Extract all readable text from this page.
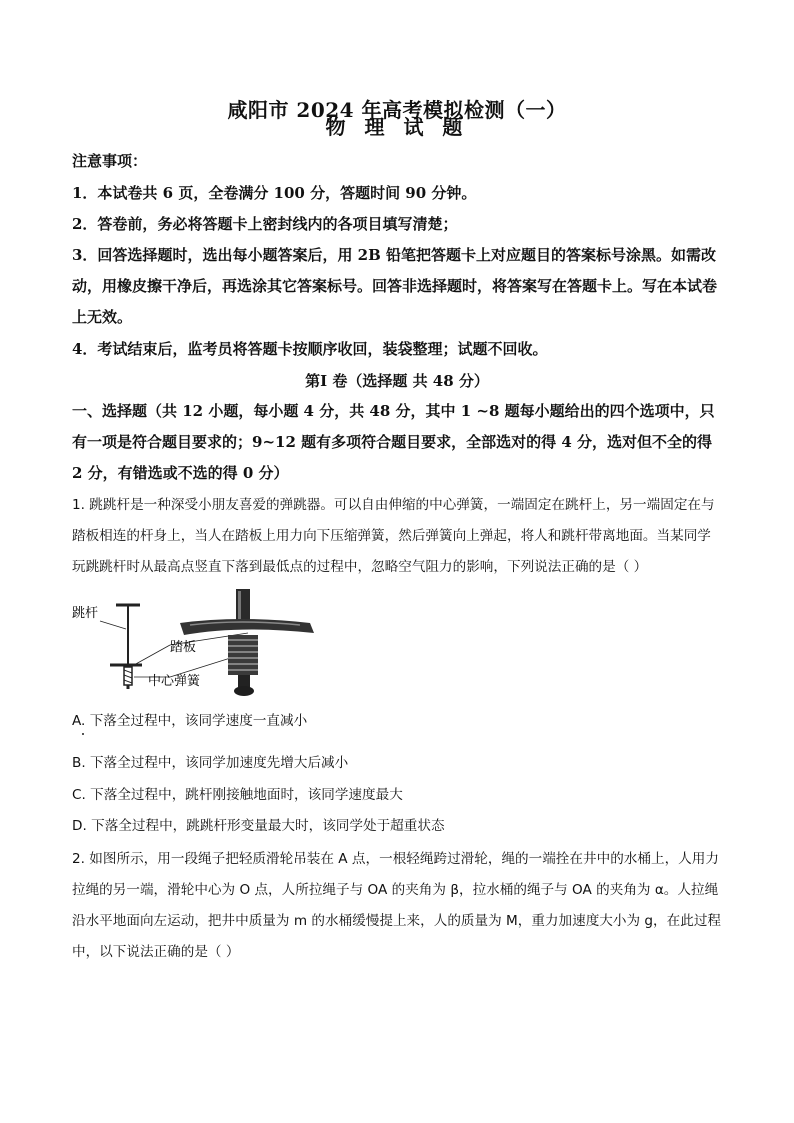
咸阳市 2024 年高考模拟检测（一）
物 理 试 题
注意事项：
1．本试卷共 6 页，全卷满分 100 分，答题时间 90 分钟。
2．答卷前，务必将答题卡上密封线内的各项目填写清楚；
3．回答选择题时，选出每小题答案后，用 2B 铅笔把答题卡上对应题目的答案标号涂黑。如需改动，用橡皮擦干净后，再选涂其它答案标号。回答非选择题时，将答案写在答题卡上。写在本试卷上无效。
4．考试结束后，监考员将答题卡按顺序收回，装袋整理；试题不回收。
第Ⅰ 卷（选择题 共 48 分）
一、选择题（共 12 小题，每小题 4 分，共 48 分，其中 1 ~8 题每小题给出的四个选项中，只有一项是符合题目要求的；9~12 题有多项符合题目要求，全部选对的得 4 分，选对但不全的得 2 分，有错选或不选的得 0 分）
1. 跳跳杆是一种深受小朋友喜爱的弹跳器。可以自由伸缩的中心弹簧，一端固定在跳杆上，另一端固定在与踏板相连的杆身上，当人在踏板上用力向下压缩弹簧，然后弹簧向上弹起，将人和跳杆带离地面。当某同学玩跳跳杆时从最高点竖直下落到最低点的过程中，忽略空气阻力的影响，下列说法正确的是（ ）
跳杆
踏板
中心弹簧
A. 下落全过程中，该同学速度一直减小
B. 下落全过程中，该同学加速度先增大后减小
C. 下落全过程中，跳杆刚接触地面时，该同学速度最大
D. 下落全过程中，跳跳杆形变量最大时，该同学处于超重状态
2. 如图所示，用一段绳子把轻质滑轮吊装在 A 点，一根轻绳跨过滑轮，绳的一端拴在井中的水桶上，人用力拉绳的另一端，滑轮中心为 O 点，人所拉绳子与 OA 的夹角为 β，拉水桶的绳子与 OA 的夹角为 α。人拉绳沿水平地面向左运动，把井中质量为 m 的水桶缓慢提上来，人的质量为 M，重力加速度大小为 g，在此过程中，以下说法正确的是（ ）
